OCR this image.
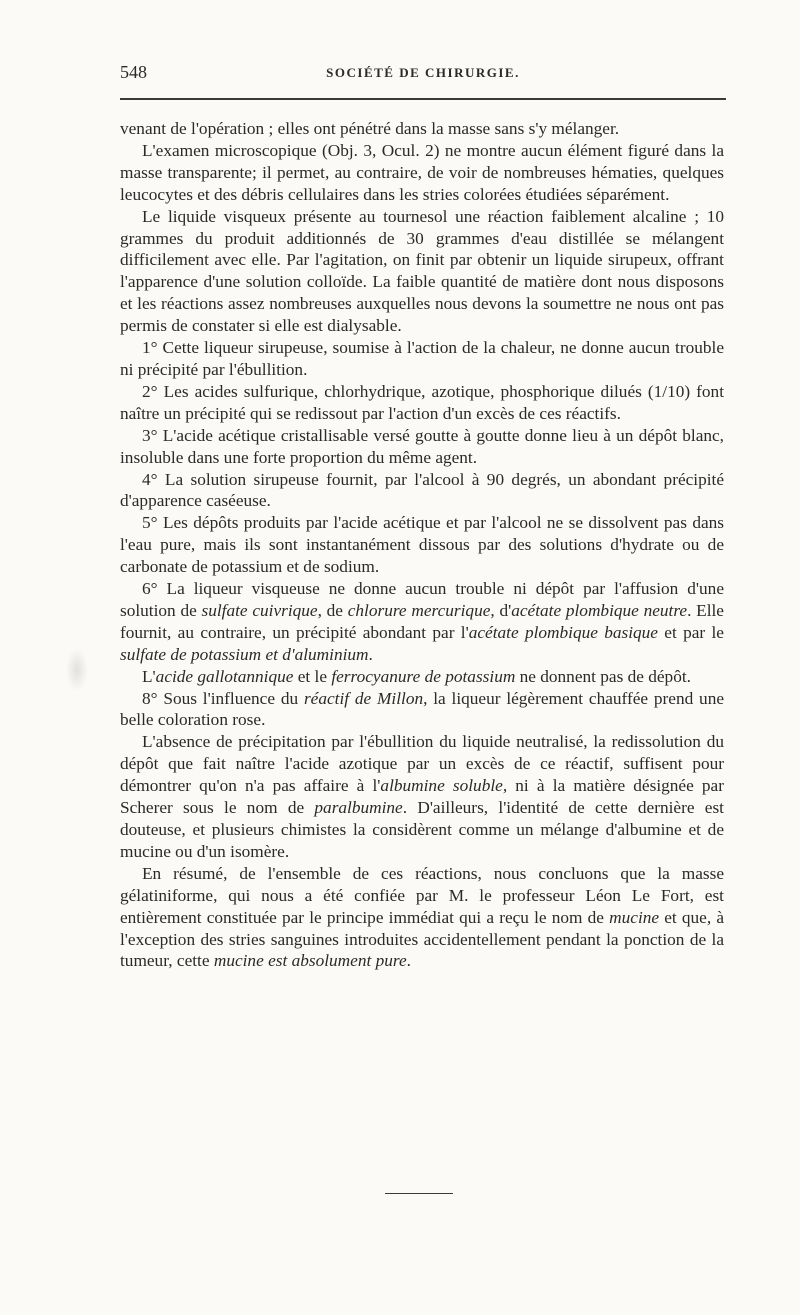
548	SOCIÉTÉ DE CHIRURGIE.

venant de l'opération ; elles ont pénétré dans la masse sans s'y mélanger.

L'examen microscopique (Obj. 3, Ocul. 2) ne montre aucun élément figuré dans la masse transparente; il permet, au contraire, de voir de nombreuses hématies, quelques leucocytes et des débris cellulaires dans les stries colorées étudiées séparément.

Le liquide visqueux présente au tournesol une réaction faiblement alcaline ; 10 grammes du produit additionnés de 30 grammes d'eau distillée se mélangent difficilement avec elle. Par l'agitation, on finit par obtenir un liquide sirupeux, offrant l'apparence d'une solution colloïde. La faible quantité de matière dont nous disposons et les réactions assez nombreuses auxquelles nous devons la soumettre ne nous ont pas permis de constater si elle est dialysable.

1° Cette liqueur sirupeuse, soumise à l'action de la chaleur, ne donne aucun trouble ni précipité par l'ébullition.

2° Les acides sulfurique, chlorhydrique, azotique, phosphorique dilués (1/10) font naître un précipité qui se redissout par l'action d'un excès de ces réactifs.

3° L'acide acétique cristallisable versé goutte à goutte donne lieu à un dépôt blanc, insoluble dans une forte proportion du même agent.

4° La solution sirupeuse fournit, par l'alcool à 90 degrés, un abondant précipité d'apparence caséeuse.

5° Les dépôts produits par l'acide acétique et par l'alcool ne se dissolvent pas dans l'eau pure, mais ils sont instantanément dissous par des solutions d'hydrate ou de carbonate de potassium et de sodium.

6° La liqueur visqueuse ne donne aucun trouble ni dépôt par l'affusion d'une solution de sulfate cuivrique, de chlorure mercurique, d'acétate plombique neutre. Elle fournit, au contraire, un précipité abondant par l'acétate plombique basique et par le sulfate de potassium et d'aluminium.

L'acide gallotannique et le ferrocyanure de potassium ne donnent pas de dépôt.

8° Sous l'influence du réactif de Millon, la liqueur légèrement chauffée prend une belle coloration rose.

L'absence de précipitation par l'ébullition du liquide neutralisé, la redissolution du dépôt que fait naître l'acide azotique par un excès de ce réactif, suffisent pour démontrer qu'on n'a pas affaire à l'albumine soluble, ni à la matière désignée par Scherer sous le nom de paralbumine. D'ailleurs, l'identité de cette dernière est douteuse, et plusieurs chimistes la considèrent comme un mélange d'albumine et de mucine ou d'un isomère.

En résumé, de l'ensemble de ces réactions, nous concluons que la masse gélatiniforme, qui nous a été confiée par M. le professeur Léon Le Fort, est entièrement constituée par le principe immédiat qui a reçu le nom de mucine et que, à l'exception des stries sanguines introduites accidentellement pendant la ponction de la tumeur, cette mucine est absolument pure.
